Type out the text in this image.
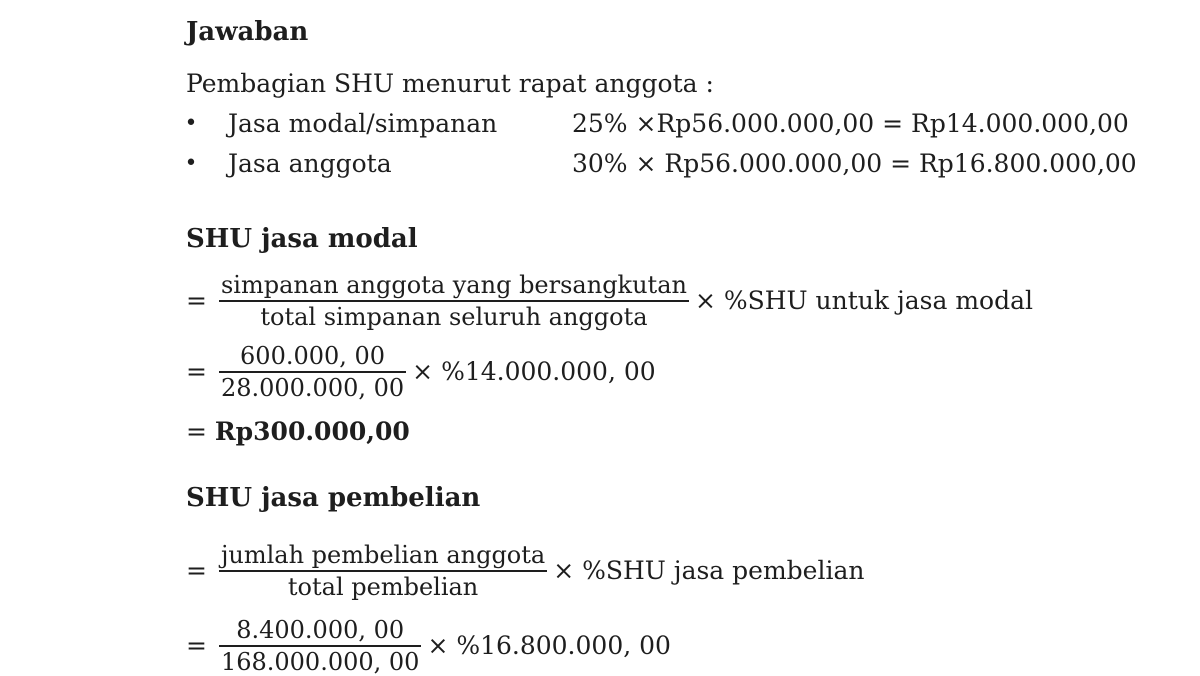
Jawaban
Pembagian SHU menurut rapat anggota :
• Jasa modal/simpanan	25% ×Rp56.000.000,00 = Rp14.000.000,00
• Jasa anggota	30% × Rp56.000.000,00 = Rp16.800.000,00
SHU jasa modal
= $\frac{\text{simpanan anggota yang bersangkutan}}{\text{total simpanan seluruh anggota}} \times \%SHU$ untuk jasa modal
= $\frac{600.000, 00}{28.000.000, 00} \times \%14.000.000$, 00
= Rp300.000,00
SHU jasa pembelian
= $\frac{\text{jumlah pembelian anggota}}{\text{total pembelian}} \times \%SHU$ jasa pembelian
= $\frac{8.400.000, 00}{168.000.000, 00} \times \%16.800.000$, 00
